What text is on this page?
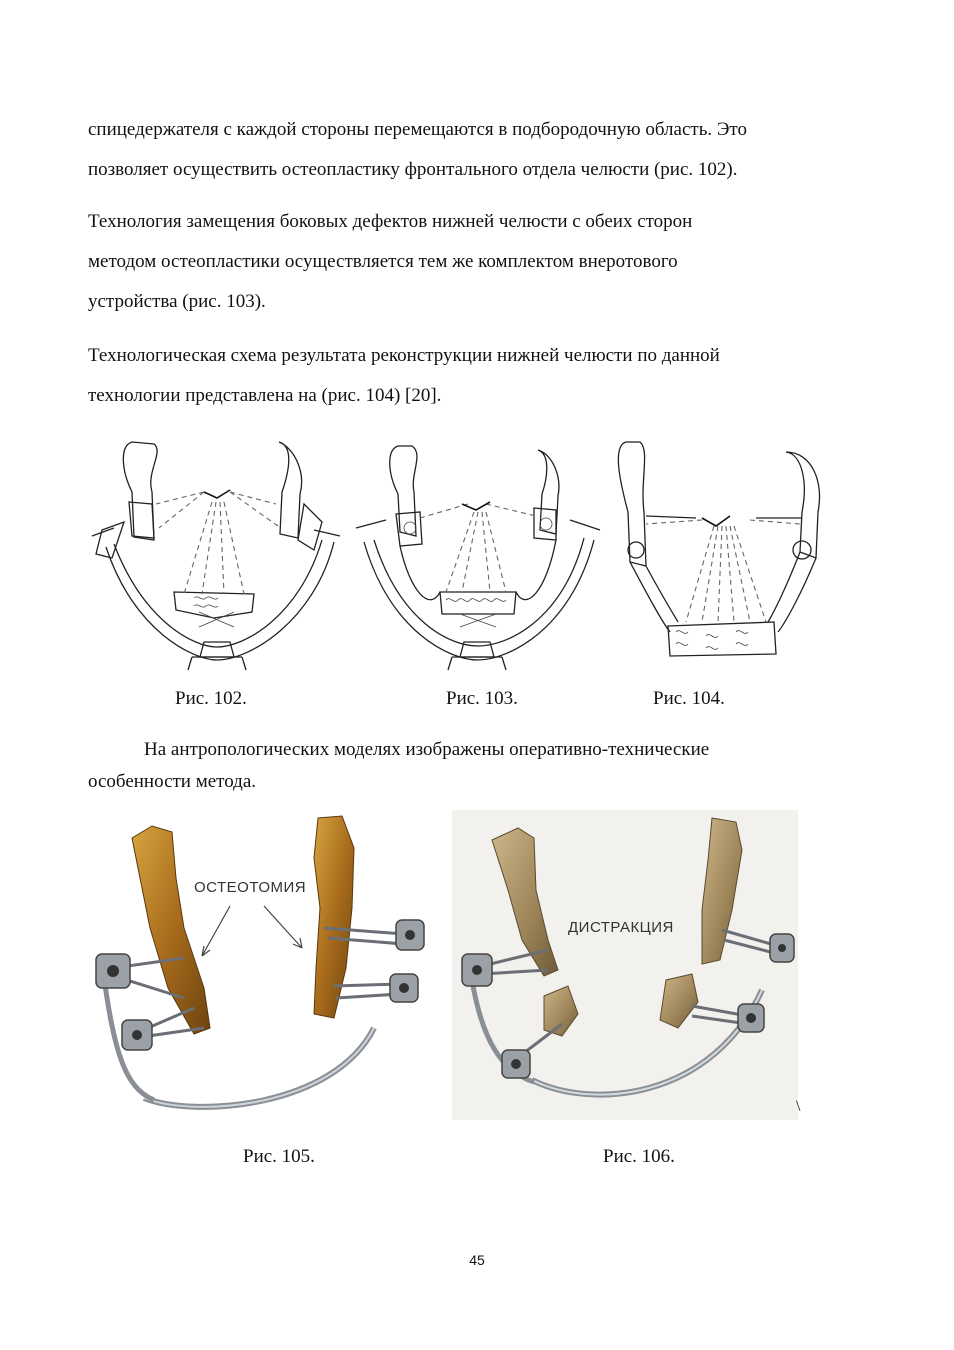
спицедержателя с каждой стороны перемещаются в подбородочную область. Это
позволяет осуществить остеопластику фронтального отдела челюсти (рис. 102).

Технология замещения боковых дефектов нижней челюсти с обеих сторон
методом остеопластики осуществляется тем же комплектом внеротового
устройства (рис. 103).

Технологическая схема результата реконструкции нижней челюсти по данной
технологии представлена на (рис. 104) [20].

Рис. 102.	Рис. 103.	Рис. 104.

На антропологических моделях изображены оперативно-технические
особенности метода.

ОСТЕОТОМИЯ
ДИСТРАКЦИЯ
\
Рис. 105.	Рис. 106.
45
